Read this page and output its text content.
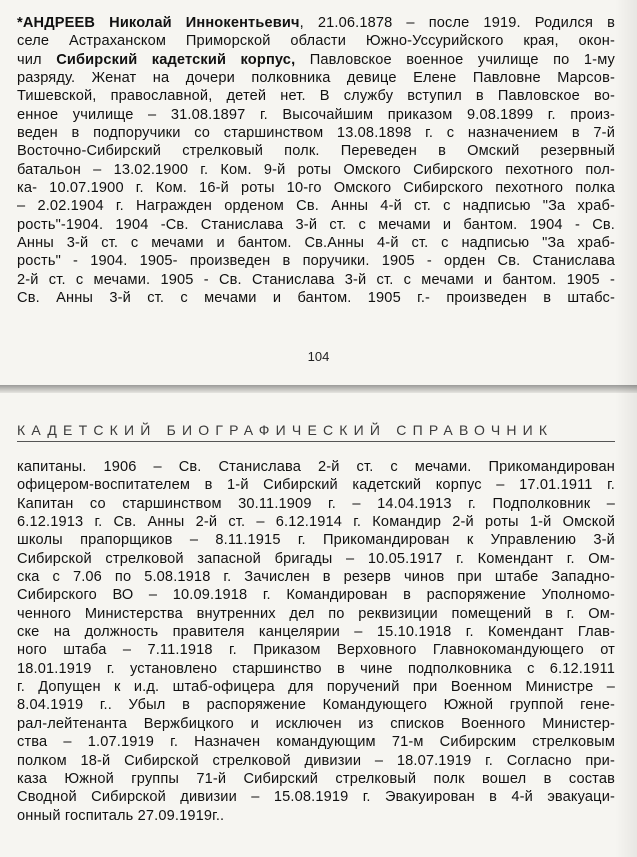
*АНДРЕЕВ Николай Иннокентьевич, 21.06.1878 – после 1919. Родился в
селе Астраханском Приморской области Южно-Уссурийского края, окон-
чил Сибирский кадетский корпус, Павловское военное училище по 1-му
разряду. Женат на дочери полковника девице Елене Павловне Марсов-
Тишевской, православной, детей нет. В службу вступил в Павловское во-
енное училище – 31.08.1897 г. Высочайшим приказом 9.08.1899 г. произ-
веден в подпоручики со старшинством 13.08.1898 г. с назначением в 7-й
Восточно-Сибирский стрелковый полк. Переведен в Омский резервный
батальон – 13.02.1900 г. Ком. 9-й роты Омского Сибирского пехотного пол-
ка- 10.07.1900 г. Ком. 16-й роты 10-го Омского Сибирского пехотного полка
– 2.02.1904 г. Награжден орденом Св. Анны 4-й ст. с надписью "За храб-
рость"-1904. 1904 -Св. Станислава 3-й ст. с мечами и бантом. 1904 - Св.
Анны 3-й ст. с мечами и бантом. Св.Анны 4-й ст. с надписью "За храб-
рость" - 1904. 1905- произведен в поручики. 1905 - орден Св. Станислава
2-й ст. с мечами. 1905 - Св. Станислава 3-й ст. с мечами и бантом. 1905 -
Св. Анны 3-й ст. с мечами и бантом. 1905 г.- произведен в штабс-
104
КАДЕТСКИЙ БИОГРАФИЧЕСКИЙ СПРАВОЧНИК
капитаны. 1906 – Св. Станислава 2-й ст. с мечами. Прикомандирован
офицером-воспитателем в 1-й Сибирский кадетский корпус – 17.01.1911 г.
Капитан со старшинством 30.11.1909 г. – 14.04.1913 г. Подполковник –
6.12.1913 г. Св. Анны 2-й ст. – 6.12.1914 г. Командир 2-й роты 1-й Омской
школы прапорщиков – 8.11.1915 г. Прикомандирован к Управлению 3-й
Сибирской стрелковой запасной бригады – 10.05.1917 г. Комендант г. Ом-
ска с 7.06 по 5.08.1918 г. Зачислен в резерв чинов при штабе Западно-
Сибирского ВО – 10.09.1918 г. Командирован в распоряжение Уполномо-
ченного Министерства внутренних дел по реквизиции помещений в г. Ом-
ске на должность правителя канцелярии – 15.10.1918 г. Комендант Глав-
ного штаба – 7.11.1918 г. Приказом Верховного Главнокомандующего от
18.01.1919 г. установлено старшинство в чине подполковника с 6.12.1911
г. Допущен к и.д. штаб-офицера для поручений при Военном Министре –
8.04.1919 г.. Убыл в распоряжение Командующего Южной группой гене-
рал-лейтенанта Вержбицкого и исключен из списков Военного Министер-
ства – 1.07.1919 г. Назначен командующим 71-м Сибирским стрелковым
полком 18-й Сибирской стрелковой дивизии – 18.07.1919 г. Согласно при-
каза Южной группы 71-й Сибирский стрелковый полк вошел в состав
Сводной Сибирской дивизии – 15.08.1919 г. Эвакуирован в 4-й эвакуаци-
онный госпиталь 27.09.1919г..
